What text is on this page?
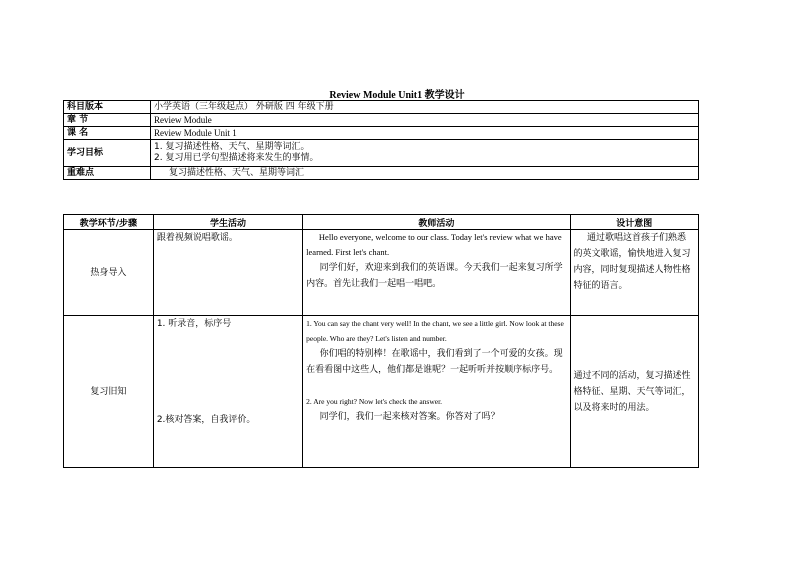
Review Module Unit1 教学设计
科目版本	小学英语（三年级起点） 外研版 四 年级下册
章 节	Review Module
课 名	Review Module Unit 1
学习目标	1. 复习描述性格、天气、星期等词汇。
2. 复习用已学句型描述将来发生的事情。

重难点	复习描述性格、天气、星期等词汇
教学环节/步骤	学生活动	教师活动	设计意图
热身导入	跟着视频说唱歌谣。	Hello everyone, welcome to our class. Today let's review what we have learned. First let's chant.
同学们好，欢迎来到我们的英语课。今天我们一起来复习所学内容。首先让我们一起唱一唱吧。	通过歌唱这首孩子们熟悉的英文歌谣，愉快地进入复习内容，同时复现描述人物性格特征的语言。

复习旧知	1. 听录音，标序号
2.核对答案，自我评价。	1. You can say the chant very well! In the chant, we see a little girl. Now look at these people. Who are they? Let's listen and number.
你们唱的特别棒！在歌谣中，我们看到了一个可爱的女孩。现在看看图中这些人，他们都是谁呢？一起听听并按顺序标序号。
2. Are you right? Now let's check the answer.
同学们，我们一起来核对答案。你答对了吗？	通过不同的活动，复习描述性格特征、星期、天气等词汇，以及将来时的用法。
